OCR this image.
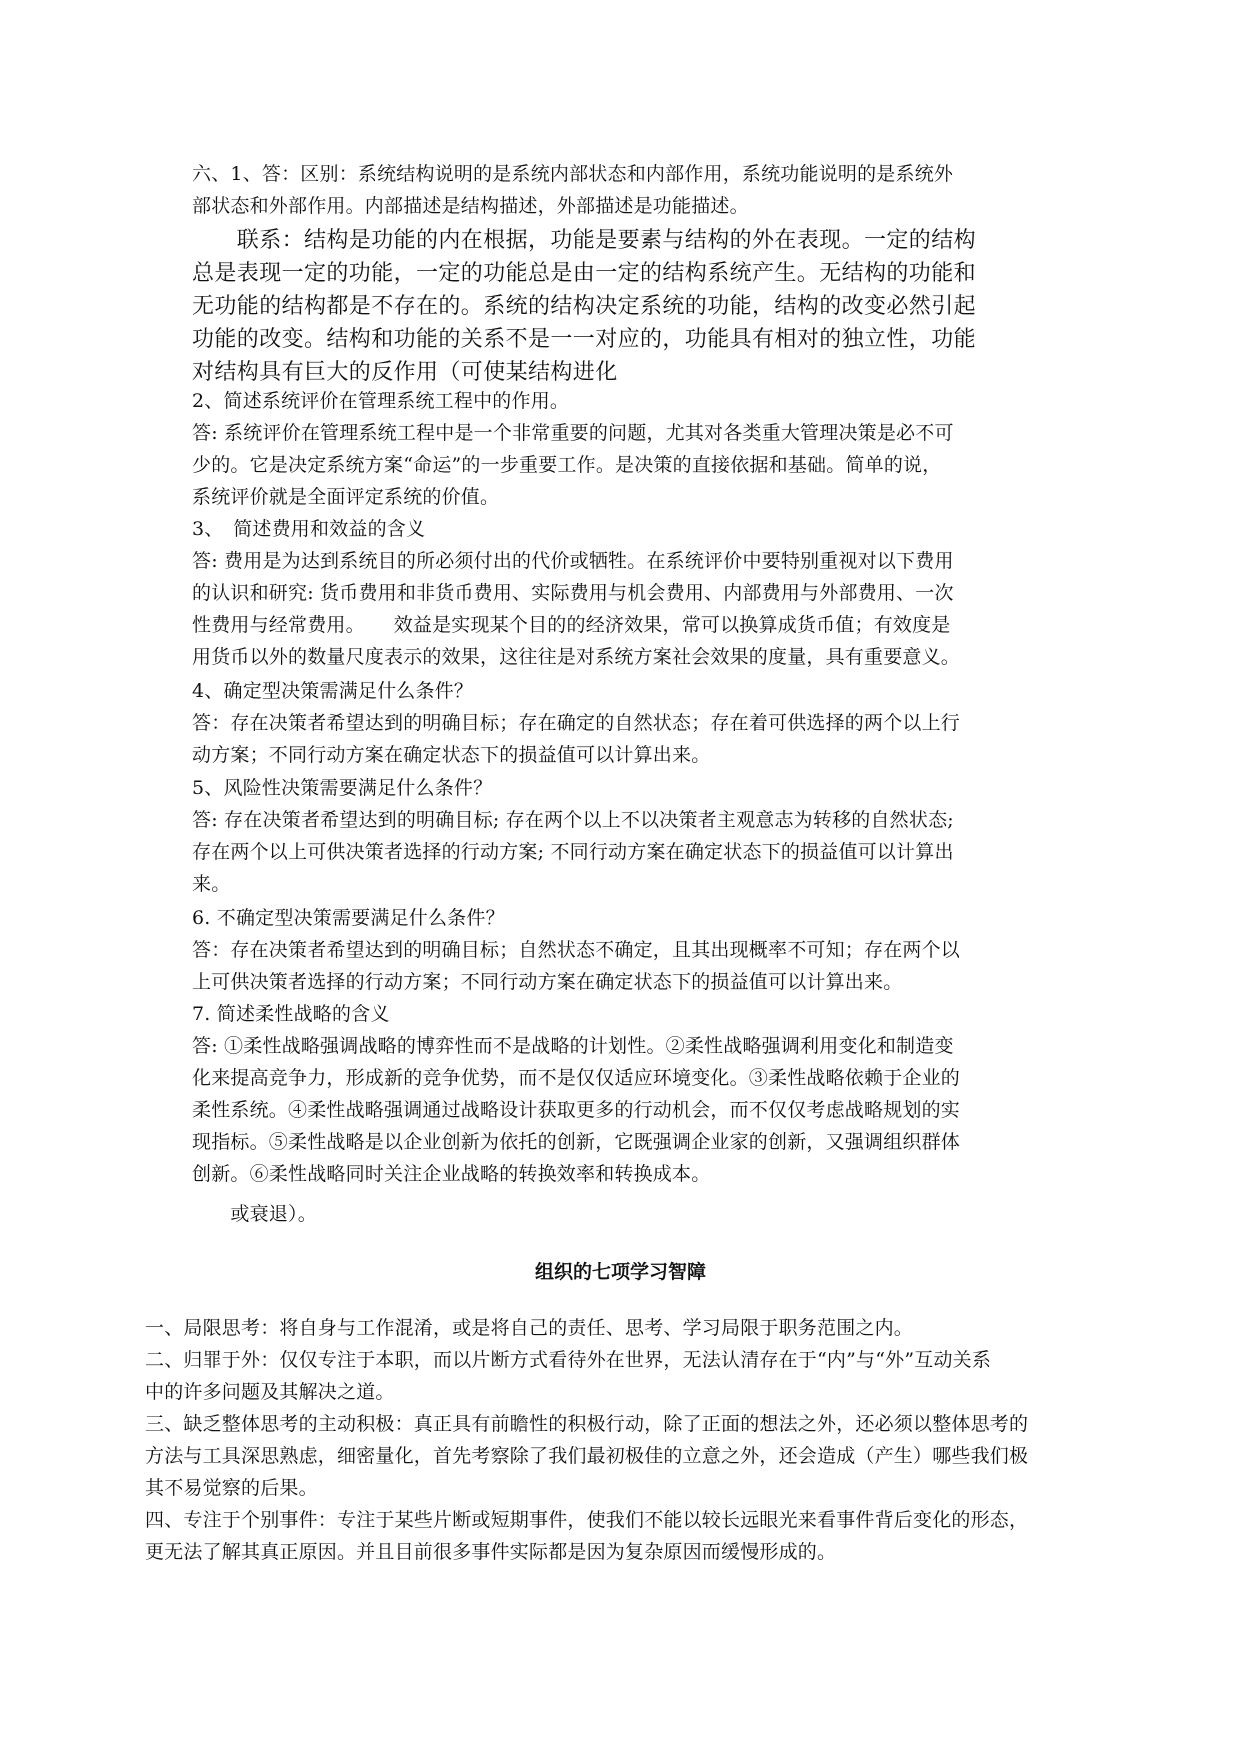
六、1、答：区别：系统结构说明的是系统内部状态和内部作用，系统功能说明的是系统外
部状态和外部作用。内部描述是结构描述，外部描述是功能描述。
　　联系：结构是功能的内在根据，功能是要素与结构的外在表现。一定的结构
总是表现一定的功能，一定的功能总是由一定的结构系统产生。无结构的功能和
无功能的结构都是不存在的。系统的结构决定系统的功能，结构的改变必然引起
功能的改变。结构和功能的关系不是一一对应的，功能具有相对的独立性，功能
对结构具有巨大的反作用（可使某结构进化
2、简述系统评价在管理系统工程中的作用。
答: 系统评价在管理系统工程中是一个非常重要的问题，尤其对各类重大管理决策是必不可
少的。它是决定系统方案“命运”的一步重要工作。是决策的直接依据和基础。简单的说，
系统评价就是全面评定系统的价值。
3、　简述费用和效益的含义
答: 费用是为达到系统目的所必须付出的代价或牺牲。在系统评价中要特别重视对以下费用
的认识和研究: 货币费用和非货币费用、实际费用与机会费用、内部费用与外部费用、一次
性费用与经常费用。　　效益是实现某个目的的经济效果，常可以换算成货币值；有效度是
用货币以外的数量尺度表示的效果，这往往是对系统方案社会效果的度量，具有重要意义。
4、确定型决策需满足什么条件？
答：存在决策者希望达到的明确目标；存在确定的自然状态；存在着可供选择的两个以上行
动方案；不同行动方案在确定状态下的损益值可以计算出来。
5、风险性决策需要满足什么条件？
答: 存在决策者希望达到的明确目标; 存在两个以上不以决策者主观意志为转移的自然状态;
存在两个以上可供决策者选择的行动方案; 不同行动方案在确定状态下的损益值可以计算出
来。
6. 不确定型决策需要满足什么条件？
答：存在决策者希望达到的明确目标；自然状态不确定，且其出现概率不可知；存在两个以
上可供决策者选择的行动方案；不同行动方案在确定状态下的损益值可以计算出来。
7. 简述柔性战略的含义
答: ①柔性战略强调战略的博弈性而不是战略的计划性。②柔性战略强调利用变化和制造变
化来提高竞争力，形成新的竞争优势，而不是仅仅适应环境变化。③柔性战略依赖于企业的
柔性系统。④柔性战略强调通过战略设计获取更多的行动机会，而不仅仅考虑战略规划的实
现指标。⑤柔性战略是以企业创新为依托的创新，它既强调企业家的创新，又强调组织群体
创新。⑥柔性战略同时关注企业战略的转换效率和转换成本。
　　或衰退）。
组织的七项学习智障
一、局限思考：将自身与工作混淆，或是将自己的责任、思考、学习局限于职务范围之内。
二、归罪于外：仅仅专注于本职，而以片断方式看待外在世界，无法认清存在于“内”与“外”互动关系
中的许多问题及其解决之道。
三、缺乏整体思考的主动积极：真正具有前瞻性的积极行动，除了正面的想法之外，还必须以整体思考的
方法与工具深思熟虑，细密量化，首先考察除了我们最初极佳的立意之外，还会造成（产生）哪些我们极
其不易觉察的后果。
四、专注于个别事件：专注于某些片断或短期事件，使我们不能以较长远眼光来看事件背后变化的形态，
更无法了解其真正原因。并且目前很多事件实际都是因为复杂原因而缓慢形成的。
